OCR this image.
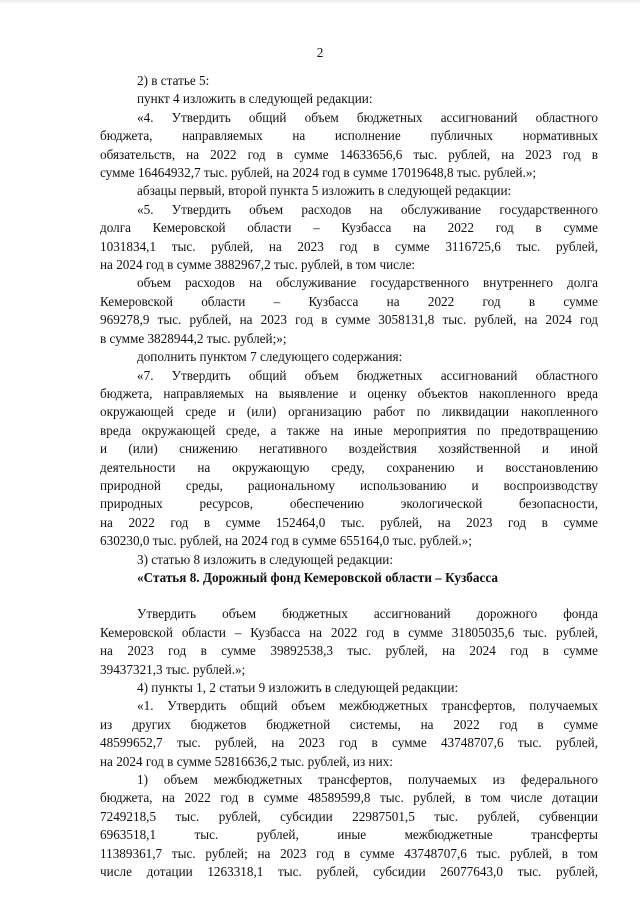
2

2) в статье 5:

пункт 4 изложить в следующей редакции:

«4. Утвердить общий объем бюджетных ассигнований областного

бюджета, направляемых на исполнение публичных нормативных

обязательств, на 2022 год в сумме 14633656,6 тыс. рублей, на 2023 год в

сумме 16464932,7 тыс. рублей, на 2024 год в сумме 17019648,8 тыс. рублей.»;

абзацы первый, второй пункта 5 изложить в следующей редакции:

«5. Утвердить объем расходов на обслуживание государственного

долга Кемеровской области – Кузбасса на 2022 год в сумме

1031834,1 тыс. рублей, на 2023 год в сумме 3116725,6 тыс. рублей,

на 2024 год в сумме 3882967,2 тыс. рублей, в том числе:

объем расходов на обслуживание государственного внутреннего долга

Кемеровской области – Кузбасса на 2022 год в сумме

969278,9 тыс. рублей, на 2023 год в сумме 3058131,8 тыс. рублей, на 2024 год

в сумме 3828944,2 тыс. рублей;»;

дополнить пунктом 7 следующего содержания:

«7. Утвердить общий объем бюджетных ассигнований областного

бюджета, направляемых на выявление и оценку объектов накопленного вреда

окружающей среде и (или) организацию работ по ликвидации накопленного

вреда окружающей среде, а также на иные мероприятия по предотвращению

и (или) снижению негативного воздействия хозяйственной и иной

деятельности на окружающую среду, сохранению и восстановлению

природной среды, рациональному использованию и воспроизводству

природных ресурсов, обеспечению экологической безопасности,

на 2022 год в сумме 152464,0 тыс. рублей, на 2023 год в сумме

630230,0 тыс. рублей, на 2024 год в сумме 655164,0 тыс. рублей.»;

3) статью 8 изложить в следующей редакции:

«Статья 8. Дорожный фонд Кемеровской области – Кузбасса

Утвердить объем бюджетных ассигнований дорожного фонда

Кемеровской области – Кузбасса на 2022 год в сумме 31805035,6 тыс. рублей,

на 2023 год в сумме 39892538,3 тыс. рублей, на 2024 год в сумме

39437321,3 тыс. рублей.»;

4) пункты 1, 2 статьи 9 изложить в следующей редакции:

«1. Утвердить общий объем межбюджетных трансфертов, получаемых

из других бюджетов бюджетной системы, на 2022 год в сумме

48599652,7 тыс. рублей, на 2023 год в сумме 43748707,6 тыс. рублей,

на 2024 год в сумме 52816636,2 тыс. рублей, из них:

1) объем межбюджетных трансфертов, получаемых из федерального

бюджета, на 2022 год в сумме 48589599,8 тыс. рублей, в том числе дотации

7249218,5 тыс. рублей, субсидии 22987501,5 тыс. рублей, субвенции

6963518,1 тыс. рублей, иные межбюджетные трансферты

11389361,7 тыс. рублей; на 2023 год в сумме 43748707,6 тыс. рублей, в том

числе дотации 1263318,1 тыс. рублей, субсидии 26077643,0 тыс. рублей,
